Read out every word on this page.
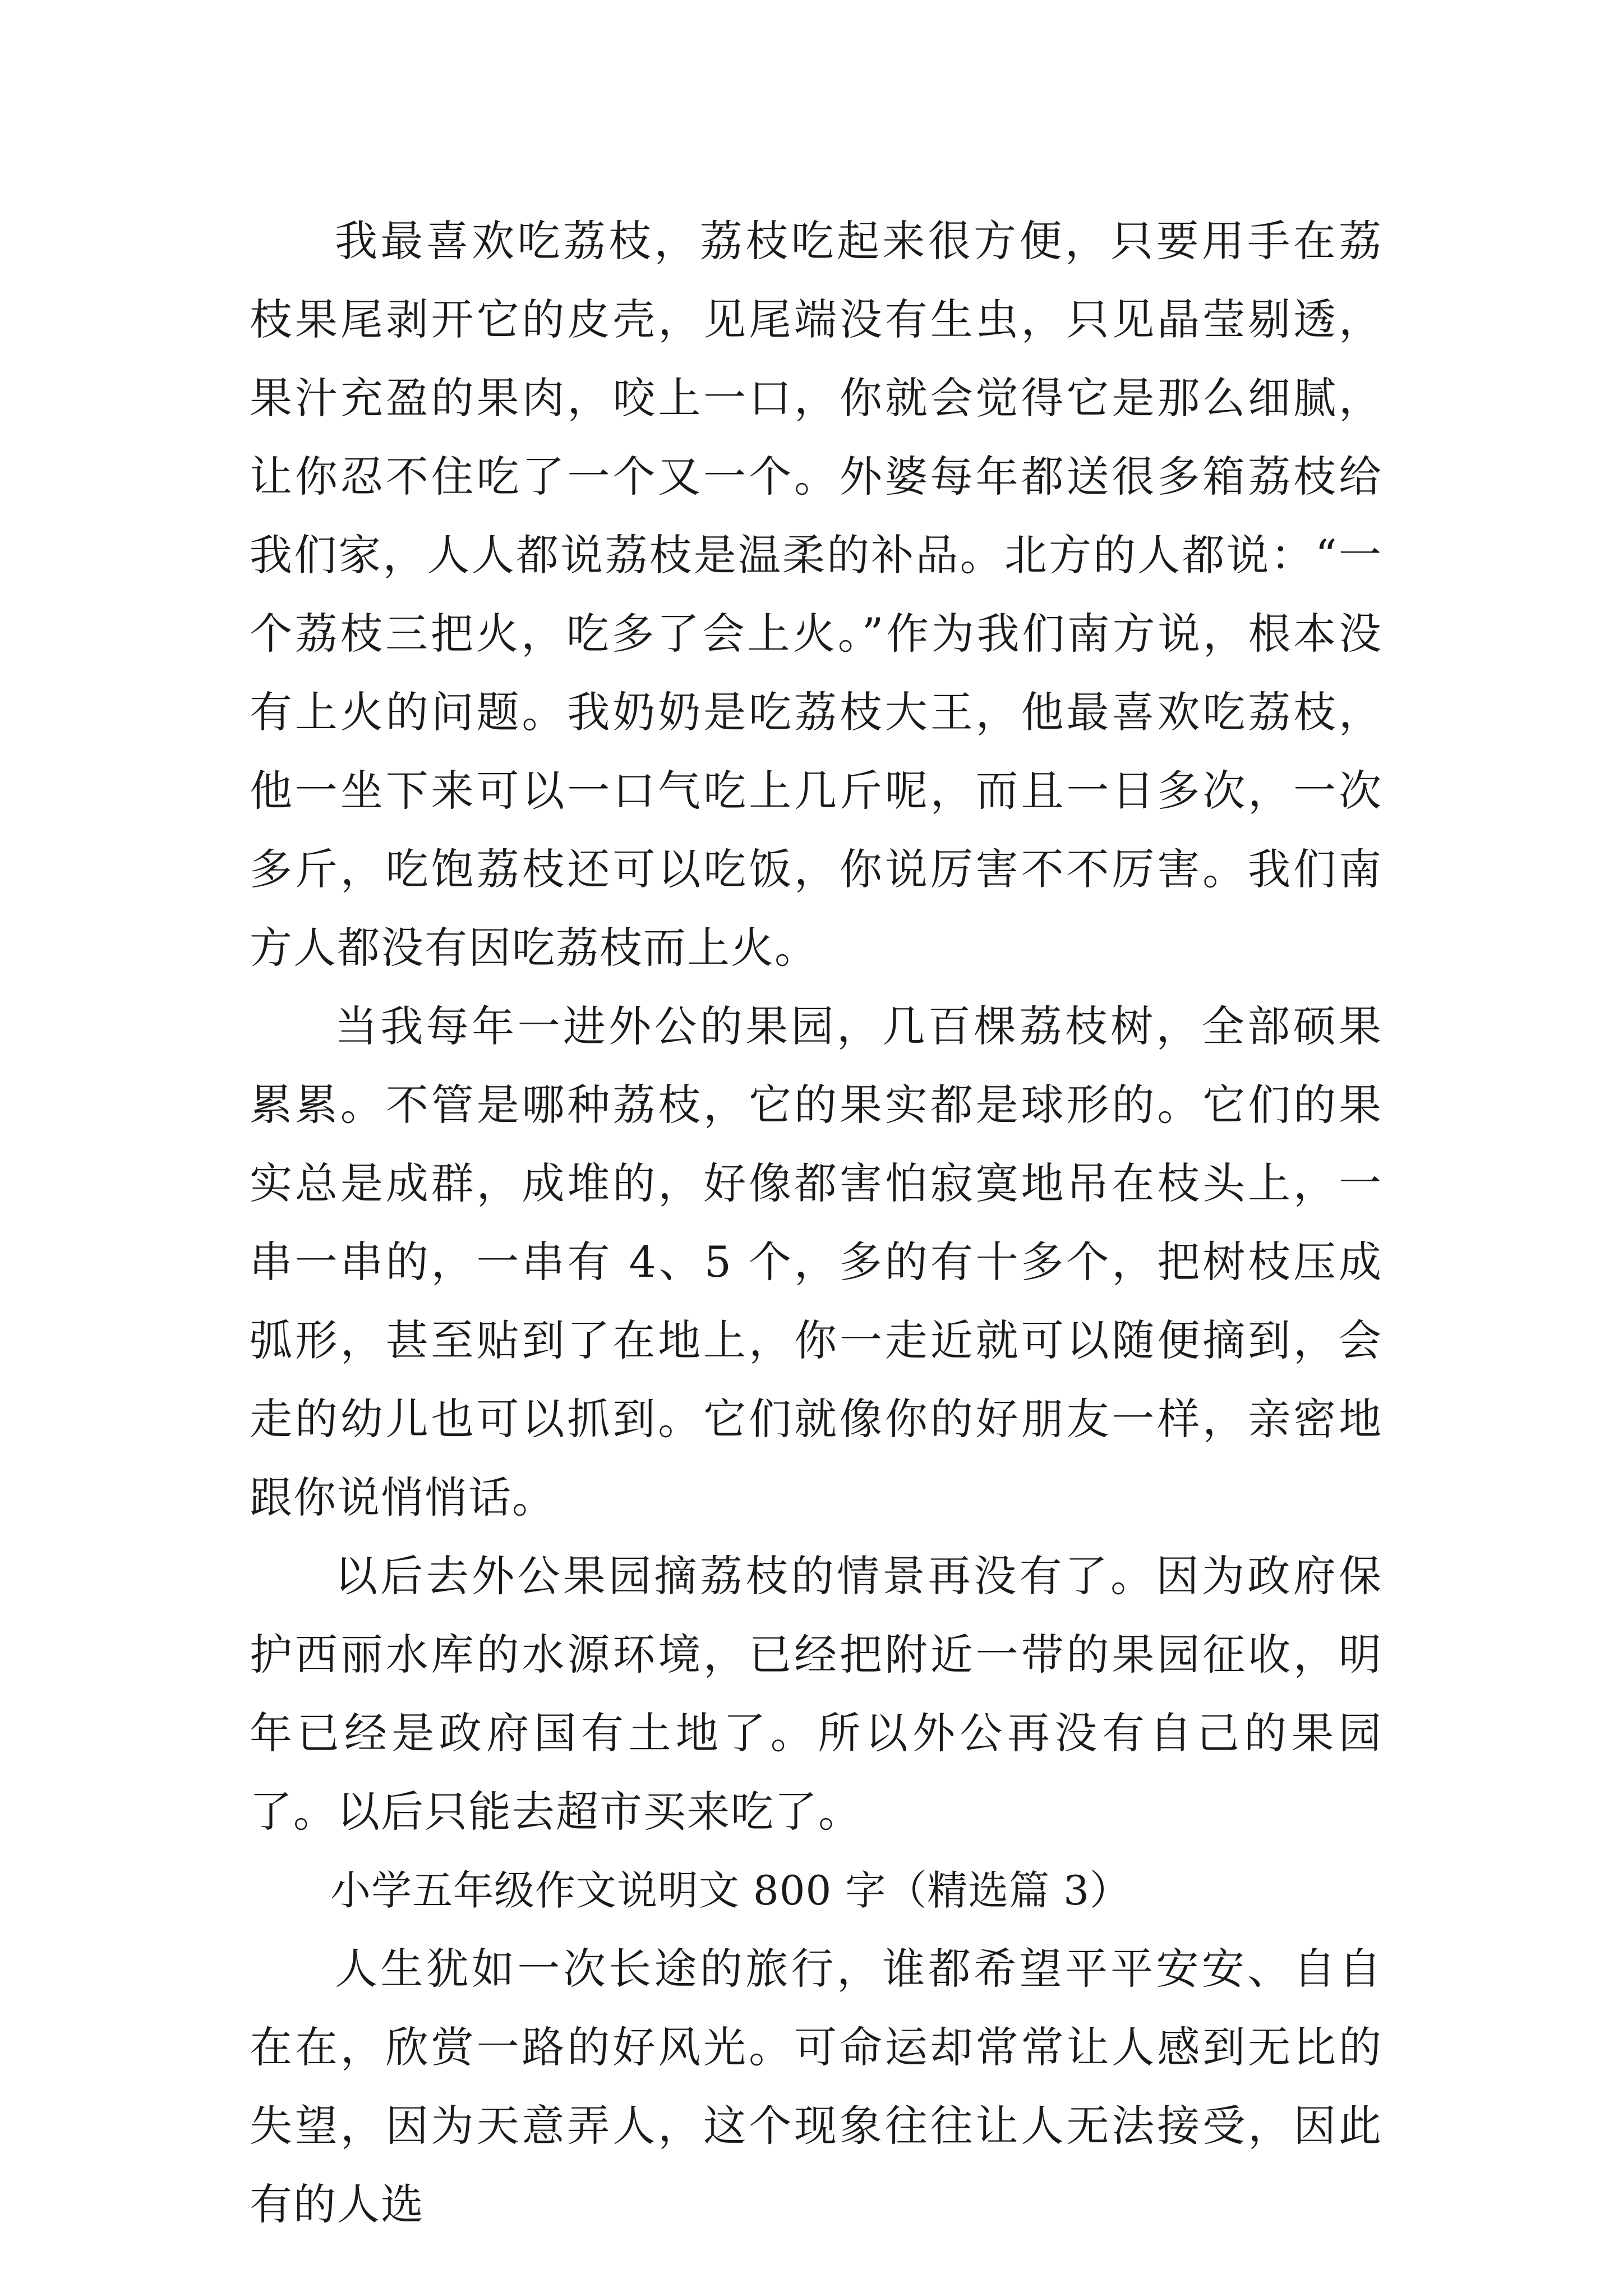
我最喜欢吃荔枝，荔枝吃起来很方便，只要用手在荔枝果尾剥开它的皮壳，见尾端没有生虫，只见晶莹剔透，果汁充盈的果肉，咬上一口，你就会觉得它是那么细腻，让你忍不住吃了一个又一个。外婆每年都送很多箱荔枝给我们家，人人都说荔枝是温柔的补品。北方的人都说：“一个荔枝三把火，吃多了会上火。”作为我们南方说，根本没有上火的问题。我奶奶是吃荔枝大王，他最喜欢吃荔枝，他一坐下来可以一口气吃上几斤呢，而且一日多次，一次多斤，吃饱荔枝还可以吃饭，你说厉害不不厉害。我们南方人都没有因吃荔枝而上火。

当我每年一进外公的果园，几百棵荔枝树，全部硕果累累。不管是哪种荔枝，它的果实都是球形的。它们的果实总是成群，成堆的，好像都害怕寂寞地吊在枝头上，一串一串的，一串有 4、5 个，多的有十多个，把树枝压成弧形，甚至贴到了在地上，你一走近就可以随便摘到，会走的幼儿也可以抓到。它们就像你的好朋友一样，亲密地跟你说悄悄话。

以后去外公果园摘荔枝的情景再没有了。因为政府保护西丽水库的水源环境，已经把附近一带的果园征收，明年已经是政府国有土地了。所以外公再没有自己的果园了。以后只能去超市买来吃了。

小学五年级作文说明文 800 字（精选篇 3）

人生犹如一次长途的旅行，谁都希望平平安安、自自在在，欣赏一路的好风光。可命运却常常让人感到无比的失望，因为天意弄人，这个现象往往让人无法接受，因此有的人选
